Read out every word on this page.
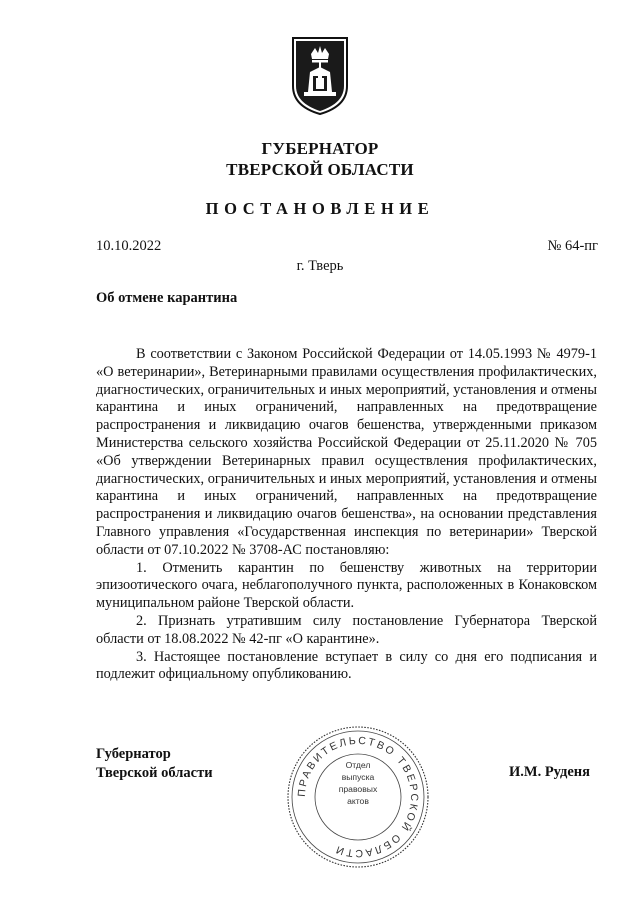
ГУБЕРНАТОР
ТВЕРСКОЙ ОБЛАСТИ
ПОСТАНОВЛЕНИЕ
10.10.2022	№ 64-пг
г. Тверь
Об отмене карантина

В соответствии с Законом Российской Федерации от 14.05.1993 № 4979-1 «О ветеринарии», Ветеринарными правилами осуществления профилактических, диагностических, ограничительных и иных мероприятий, установления и отмены карантина и иных ограничений, направленных на предотвращение распространения и ликвидацию очагов бешенства, утвержденными приказом Министерства сельского хозяйства Российской Федерации от 25.11.2020 № 705 «Об утверждении Ветеринарных правил осуществления профилактических, диагностических, ограничительных и иных мероприятий, установления и отмены карантина и иных ограничений, направленных на предотвращение распространения и ликвидацию очагов бешенства», на основании представления Главного управления «Государственная инспекция по ветеринарии» Тверской области от 07.10.2022 № 3708-АС постановляю:

1. Отменить карантин по бешенству животных на территории эпизоотического очага, неблагополучного пункта, расположенных в Конаковском муниципальном районе Тверской области.

2. Признать утратившим силу постановление Губернатора Тверской области от 18.08.2022 № 42-пг «О карантине».

3. Настоящее постановление вступает в силу со дня его подписания и подлежит официальному опубликованию.

Губернатор
Тверской области	И.М. Руденя
ПРАВИТЕЛЬСТВО ТВЕРСКОЙ ОБЛАСТИ
Отдел
выпуска
правовых
актов
